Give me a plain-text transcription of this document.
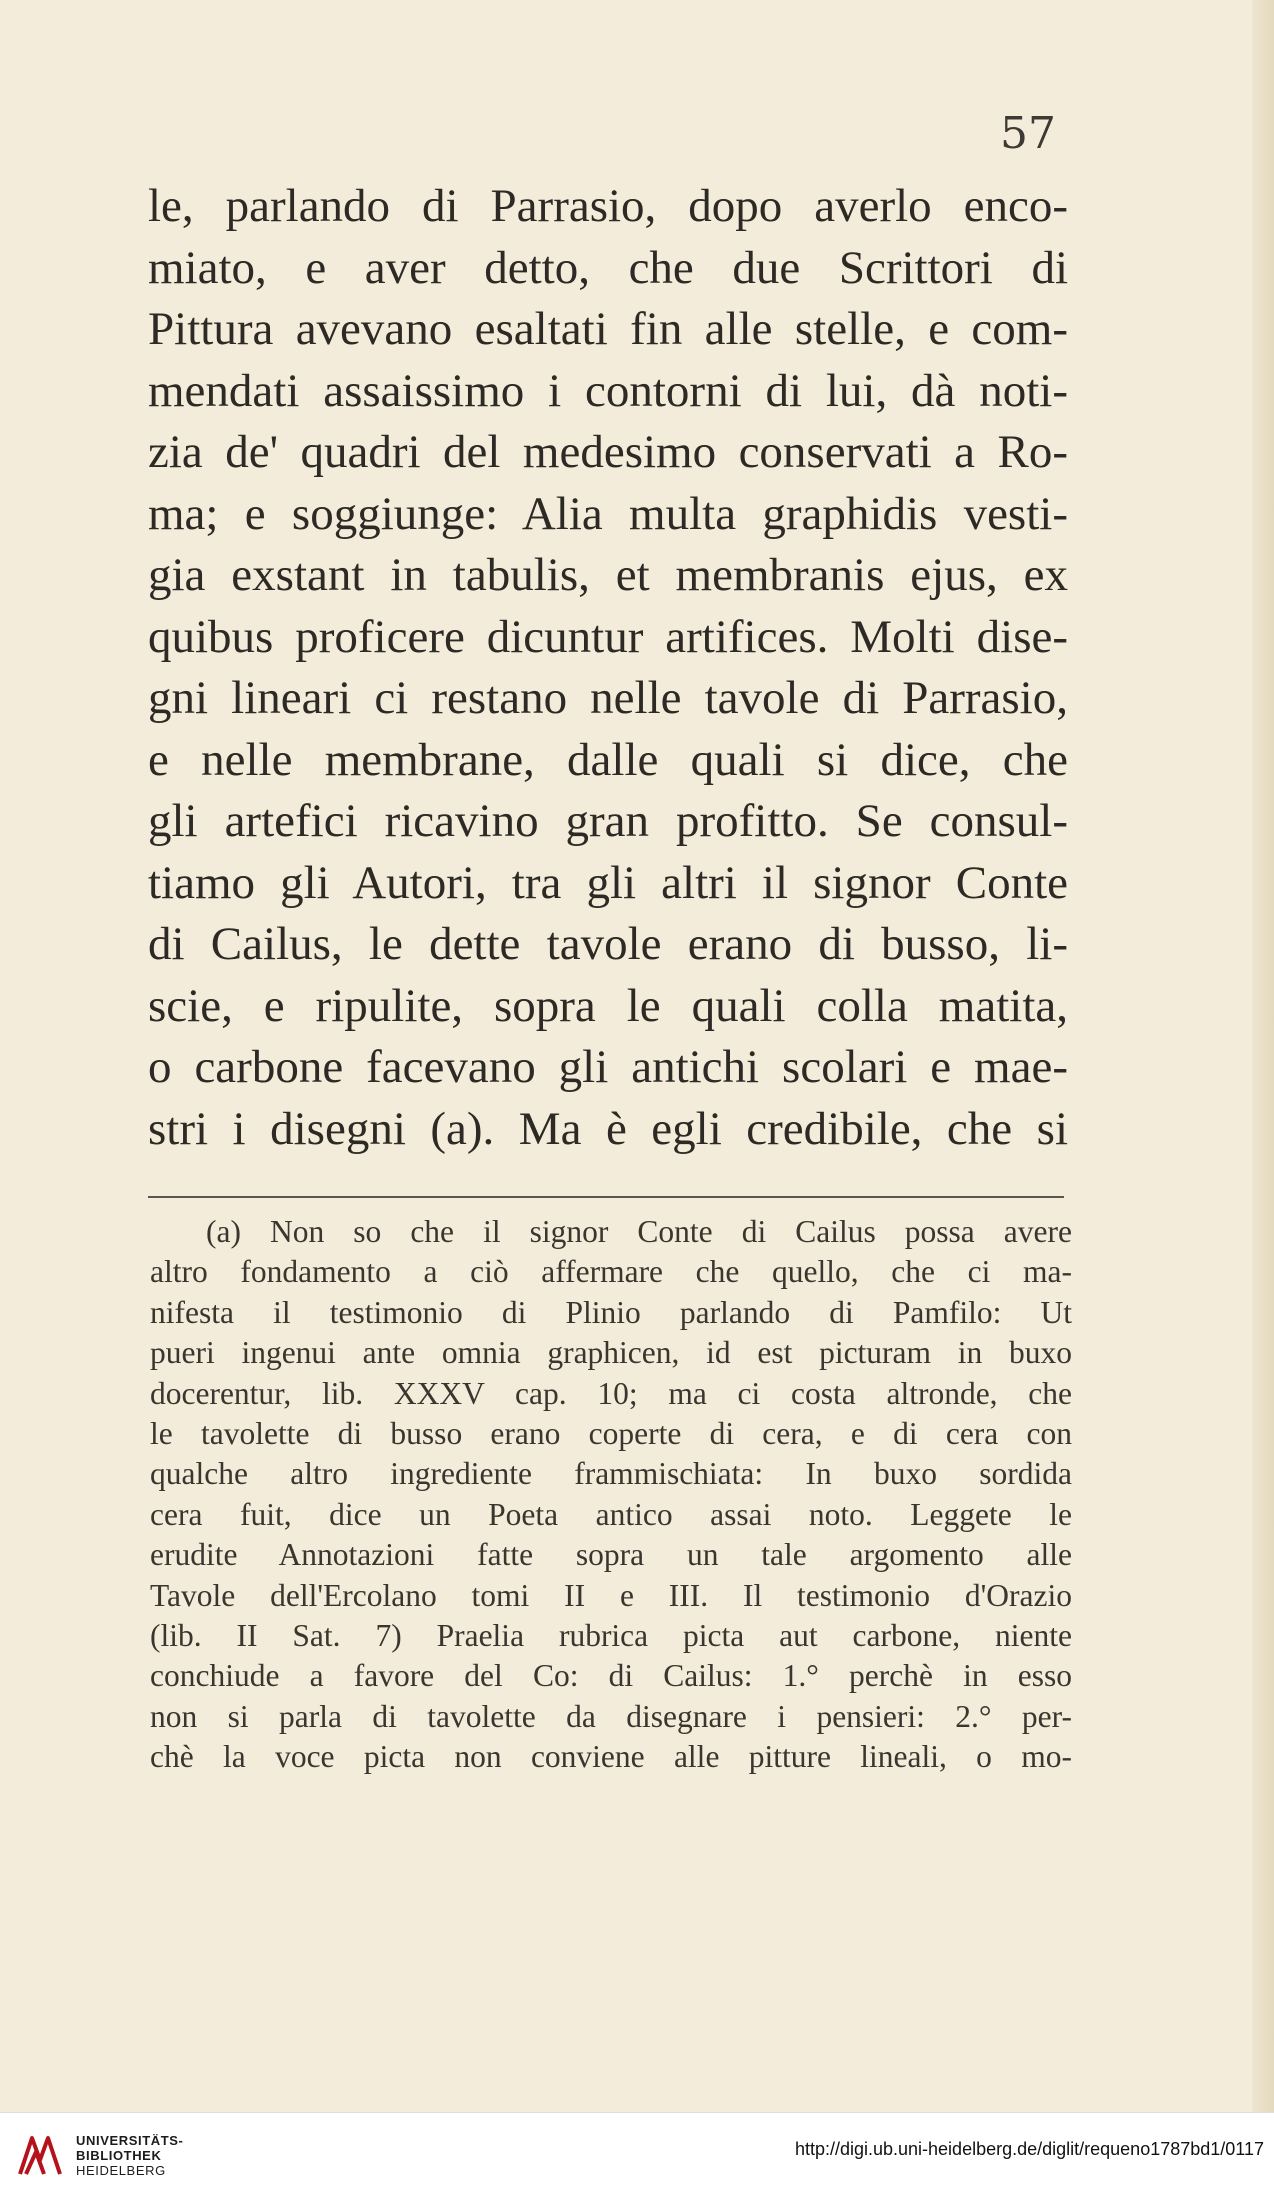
57
le, parlando di Parrasio, dopo averlo enco-
miato, e aver detto, che due Scrittori di
Pittura avevano esaltati fin alle stelle, e com-
mendati assaissimo i contorni di lui, dà noti-
zia de' quadri del medesimo conservati a Ro-
ma; e soggiunge: Alia multa graphidis vesti-
gia exstant in tabulis, et membranis ejus, ex
quibus proficere dicuntur artifices. Molti dise-
gni lineari ci restano nelle tavole di Parrasio,
e nelle membrane, dalle quali si dice, che
gli artefici ricavino gran profitto. Se consul-
tiamo gli Autori, tra gli altri il signor Conte
di Cailus, le dette tavole erano di busso, li-
scie, e ripulite, sopra le quali colla matita,
o carbone facevano gli antichi scolari e mae-
stri i disegni (a). Ma è egli credibile, che si
(a) Non so che il signor Conte di Cailus possa avere
altro fondamento a ciò affermare che quello, che ci ma-
nifesta il testimonio di Plinio parlando di Pamfilo: Ut
pueri ingenui ante omnia graphicen, id est picturam in buxo
docerentur, lib. XXXV cap. 10; ma ci costa altronde, che
le tavolette di busso erano coperte di cera, e di cera con
qualche altro ingrediente frammischiata: In buxo sordida
cera fuit, dice un Poeta antico assai noto. Leggete le
erudite Annotazioni fatte sopra un tale argomento alle
Tavole dell'Ercolano tomi II e III. Il testimonio d'Orazio
(lib. II Sat. 7) Praelia rubrica picta aut carbone, niente
conchiude a favore del Co: di Cailus: 1.° perchè in esso
non si parla di tavolette da disegnare i pensieri: 2.° per-
chè la voce picta non conviene alle pitture lineali, o mo-
UNIVERSITÄTS-
BIBLIOTHEK
HEIDELBERG
http://digi.ub.uni-heidelberg.de/diglit/requeno1787bd1/0117
